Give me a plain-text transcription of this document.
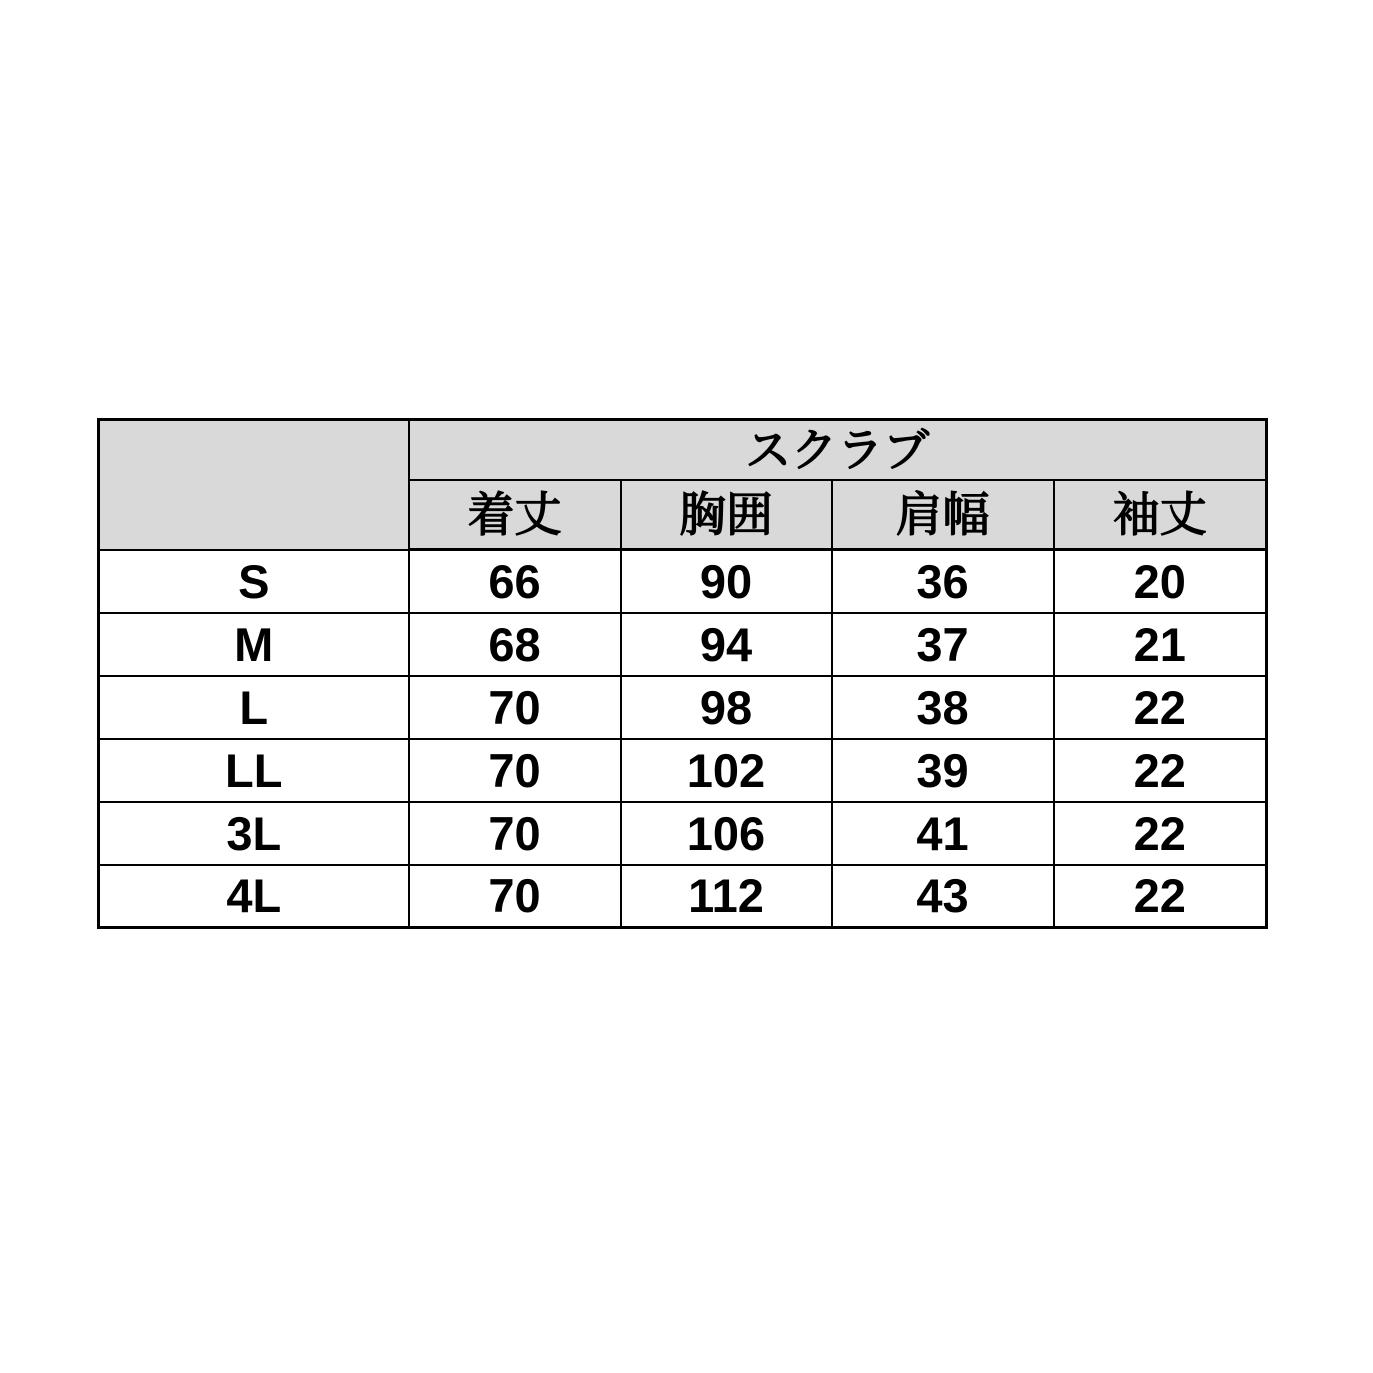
	スクラブ			
	着丈	胸囲	肩幅	袖丈
S	66	90	36	20
M	68	94	37	21
L	70	98	38	22
LL	70	102	39	22
3L	70	106	41	22
4L	70	112	43	22
